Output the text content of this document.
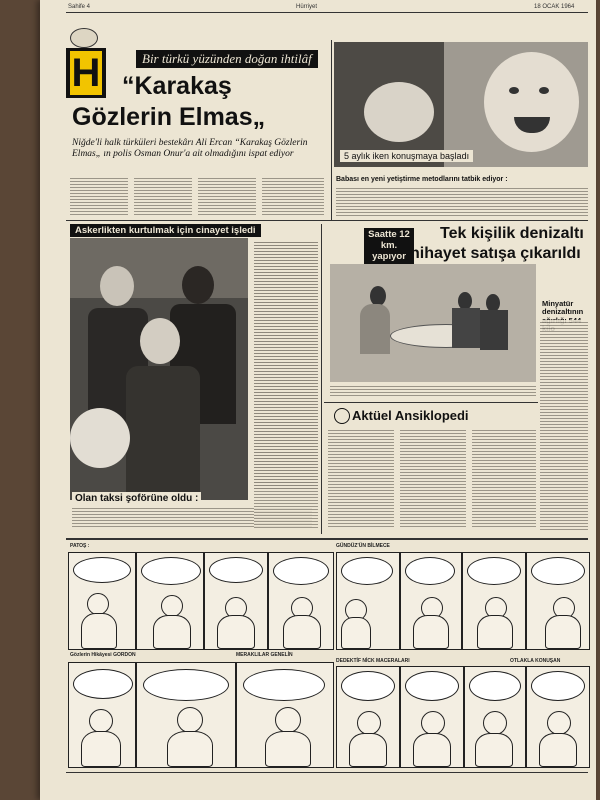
Sahife 4	Hürriyet	18 OCAK 1964
H	Bir türkü yüzünden doğan ihtilâf
“Karakaş
Gözlerin Elmas„
Niğde'li halk türküleri bestekârı Ali Ercan “Karakaş Gözlerin Elmas„ ın polis Osman Onur'a ait olmadığını ispat ediyor	5 aylık iken konuşmaya başladı
Babası en yeni yetiştirme metodlarını tatbik ediyor :
Askerlikten kurtulmak için cinayet işledi
Olan taksi şoförüne oldu :
Saatte 12
km. yapıyor
Tek kişilik denizaltı
nihayet satışa çıkarıldı
Minyatür denizaltının
Aktüel Ansiklopedi
PATOŞ :	GÜNDÜZ’ÜN BİLMECE
Gözlerin Hikâyesi GORDON	MERAKLILAR GENELİN
DEDEKTİF NİCK MACERALARI	OTLAKLA KONUŞAN
